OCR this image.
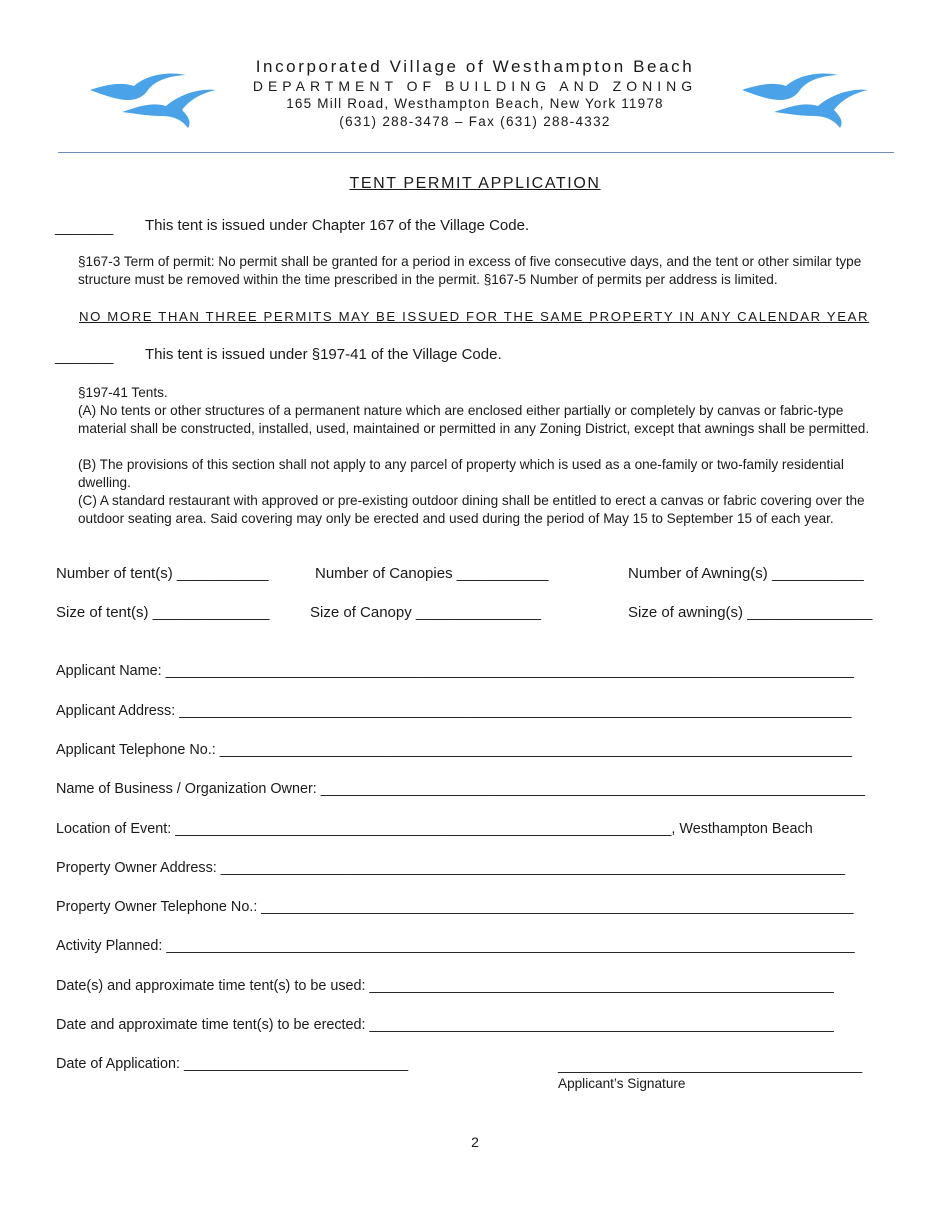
Incorporated Village of Westhampton Beach
DEPARTMENT OF BUILDING AND ZONING
165 Mill Road, Westhampton Beach, New York 11978
(631) 288-3478 – Fax (631) 288-4332
TENT PERMIT APPLICATION
_______ This tent is issued under Chapter 167 of the Village Code.
§167-3 Term of permit: No permit shall be granted for a period in excess of five consecutive days, and the tent or other similar type structure must be removed within the time prescribed in the permit. §167-5 Number of permits per address is limited.
NO MORE THAN THREE PERMITS MAY BE ISSUED FOR THE SAME PROPERTY IN ANY CALENDAR YEAR
_______ This tent is issued under §197-41 of the Village Code.
§197-41 Tents.
(A) No tents or other structures of a permanent nature which are enclosed either partially or completely by canvas or fabric-type material shall be constructed, installed, used, maintained or permitted in any Zoning District, except that awnings shall be permitted.
(B) The provisions of this section shall not apply to any parcel of property which is used as a one-family or two-family residential dwelling.
(C) A standard restaurant with approved or pre-existing outdoor dining shall be entitled to erect a canvas or fabric covering over the outdoor seating area. Said covering may only be erected and used during the period of May 15 to September 15 of each year.
Number of tent(s) ___________	Number of Canopies ___________	Number of Awning(s) ___________
Size of tent(s) ______________	Size of Canopy _______________	Size of awning(s) _______________
Applicant Name: ______________________________________________________________________________________
Applicant Address: ____________________________________________________________________________________
Applicant Telephone No.: _______________________________________________________________________________
Name of Business / Organization Owner: ____________________________________________________________________
Location of Event: ______________________________________________________________, Westhampton Beach
Property Owner Address: ______________________________________________________________________________
Property Owner Telephone No.: __________________________________________________________________________
Activity Planned: ______________________________________________________________________________________
Date(s) and approximate time tent(s) to be used: __________________________________________________________
Date and approximate time tent(s) to be erected: __________________________________________________________
Date of Application: ____________________________	______________________________________
Applicant’s Signature
2
